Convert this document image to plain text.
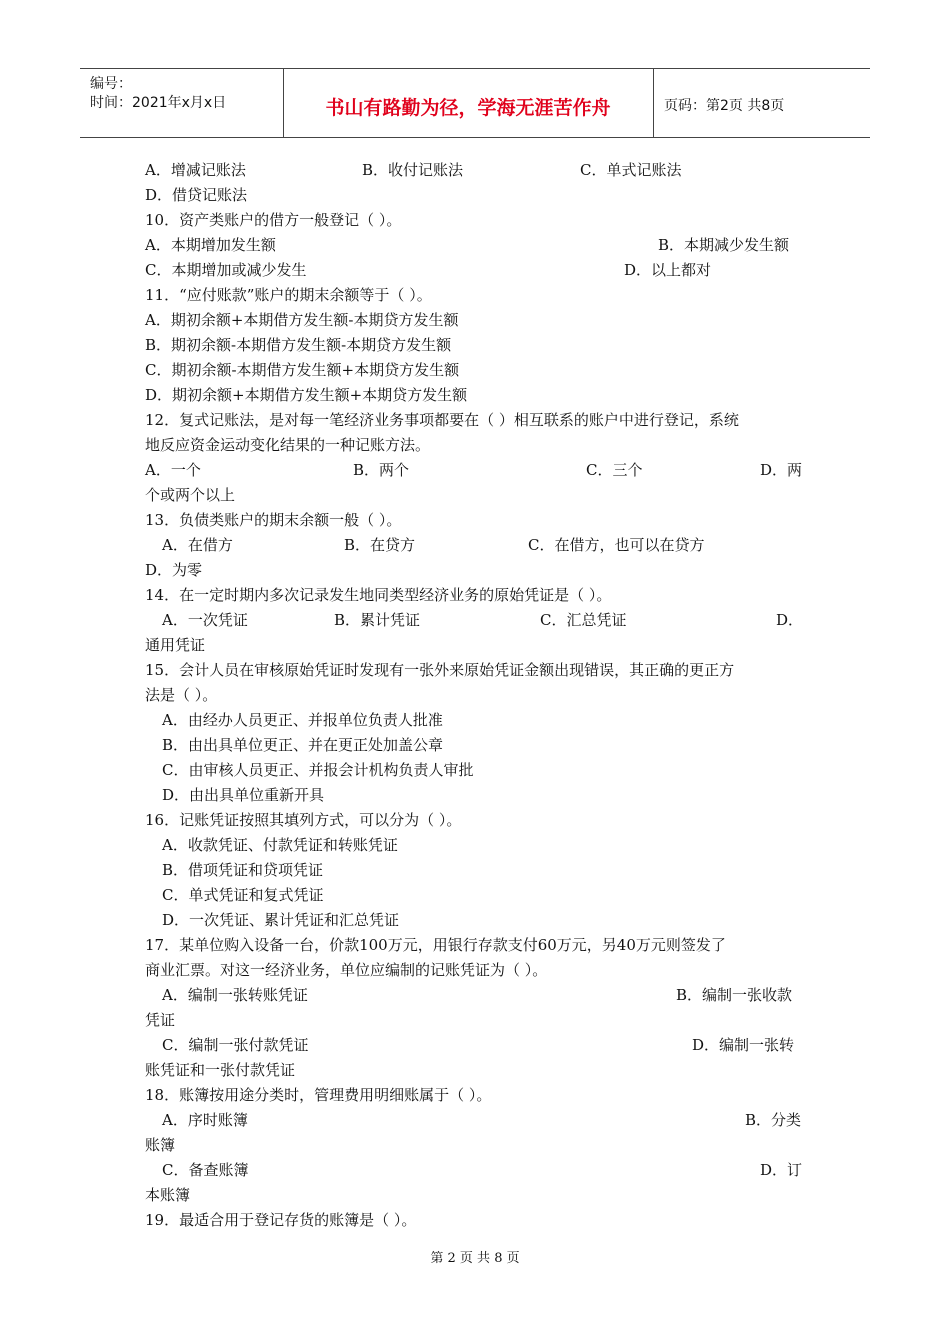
编号：
时间：2021年x月x日	书山有路勤为径，学海无涯苦作舟	页码：第2页 共8页
A．增减记账法	B．收付记账法	C．单式记账法
D．借贷记账法
10．资产类账户的借方一般登记（ ）。
A．本期增加发生额	B．本期减少发生额
C．本期增加或减少发生	D．以上都对
11．“应付账款”账户的期末余额等于（ ）。
A．期初余额+本期借方发生额-本期贷方发生额
B．期初余额-本期借方发生额-本期贷方发生额
C．期初余额-本期借方发生额+本期贷方发生额
D．期初余额+本期借方发生额+本期贷方发生额
12．复式记账法，是对每一笔经济业务事项都要在（ ）相互联系的账户中进行登记，系统
地反应资金运动变化结果的一种记账方法。
A．一个	B．两个	C．三个	D．两
个或两个以上
13．负债类账户的期末余额一般（ ）。
A．在借方	B．在贷方	C．在借方，也可以在贷方
D．为零
14．在一定时期内多次记录发生地同类型经济业务的原始凭证是（ ）。
A．一次凭证	B．累计凭证	C．汇总凭证	D．
通用凭证
15．会计人员在审核原始凭证时发现有一张外来原始凭证金额出现错误，其正确的更正方
法是（ ）。
A．由经办人员更正、并报单位负责人批准
B．由出具单位更正、并在更正处加盖公章
C．由审核人员更正、并报会计机构负责人审批
D．由出具单位重新开具
16．记账凭证按照其填列方式，可以分为（ ）。
A．收款凭证、付款凭证和转账凭证
B．借项凭证和贷项凭证
C．单式凭证和复式凭证
D．一次凭证、累计凭证和汇总凭证
17．某单位购入设备一台，价款100万元，用银行存款支付60万元，另40万元则签发了
商业汇票。对这一经济业务，单位应编制的记账凭证为（ ）。
A．编制一张转账凭证	B．编制一张收款
凭证
C．编制一张付款凭证	D．编制一张转
账凭证和一张付款凭证
18．账簿按用途分类时，管理费用明细账属于（ ）。
A．序时账簿	B．分类
账簿
C．备查账簿	D．订
本账簿
19．最适合用于登记存货的账簿是（ ）。
第 2 页 共 8 页
